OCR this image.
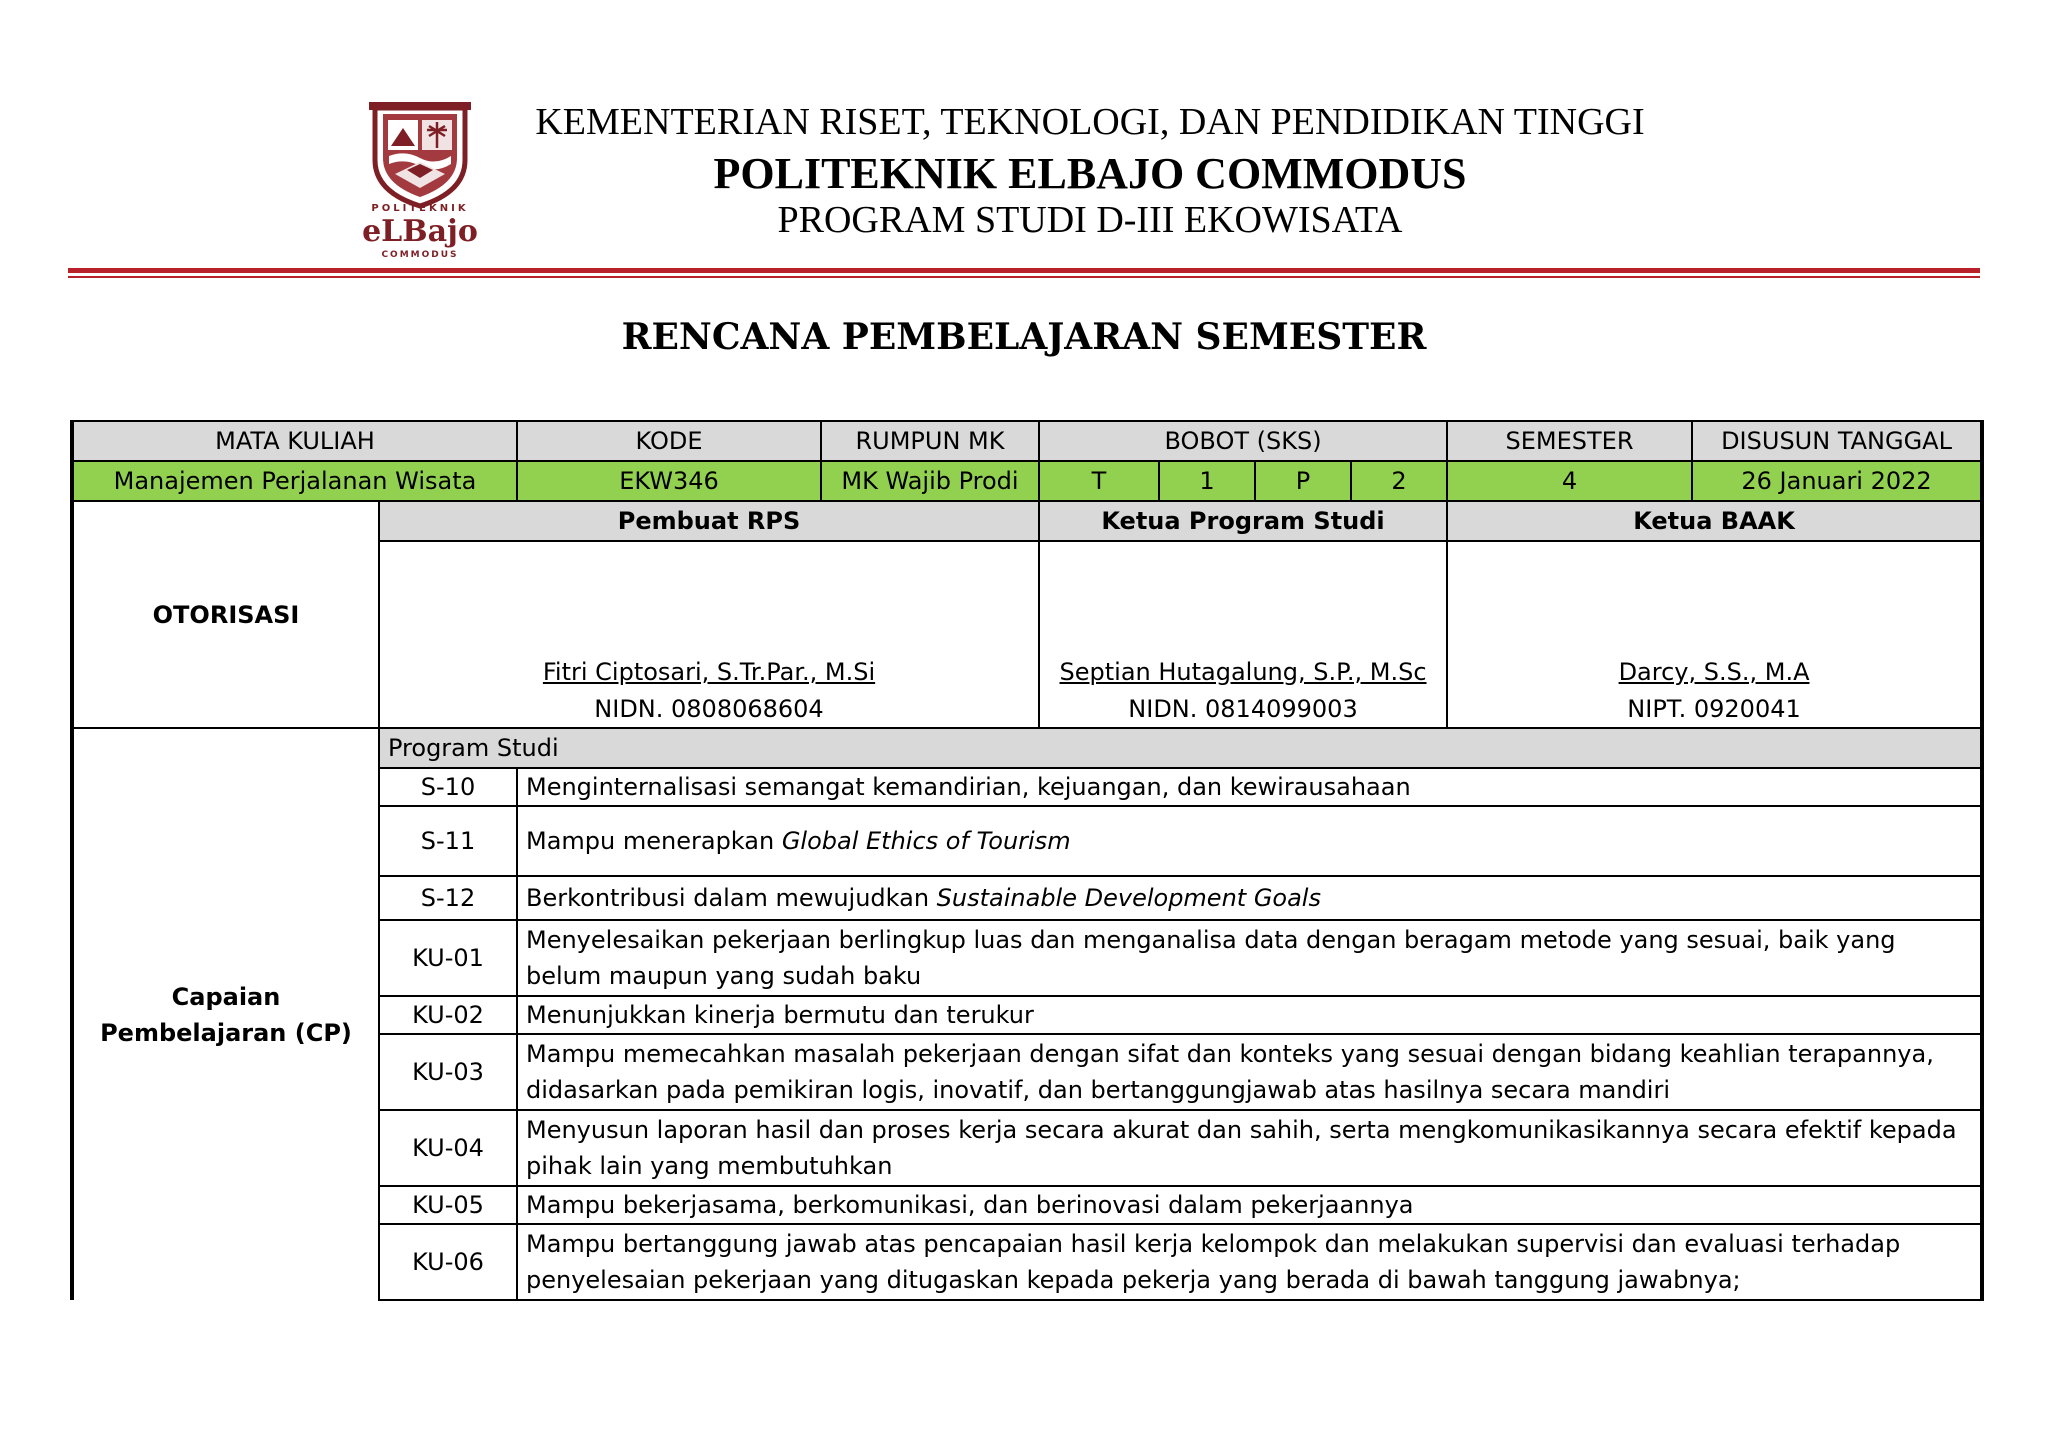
POLITEKNIK
eLBajo
COMMODUS
KEMENTERIAN RISET, TEKNOLOGI, DAN PENDIDIKAN TINGGI
POLITEKNIK ELBAJO COMMODUS
PROGRAM STUDI D-III EKOWISATA
RENCANA PEMBELAJARAN SEMESTER
MATA KULIAH		KODE	RUMPUN MK	BOBOT (SKS)				SEMESTER	DISUSUN TANGGAL
Manajemen Perjalanan Wisata		EKW346	MK Wajib Prodi	T	1	P	2	4	26 Januari 2022
OTORISASI	Pembuat RPS			Ketua Program Studi				Ketua BAAK	

	Fitri Ciptosari, S.Tr.Par., M.Si			Septian Hutagalung, S.P., M.Sc				Darcy, S.S., M.A	
	NIDN. 0808068604			NIDN. 0814099003				NIPT. 0920041	
Capaian Pembelajaran (CP)	Program Studi								
	S-10	Menginternalisasi semangat kemandirian, kejuangan, dan kewirausahaan							
	S-11	Mampu menerapkan Global Ethics of Tourism							
	S-12	Berkontribusi dalam mewujudkan Sustainable Development Goals							
	KU-01	Menyelesaikan pekerjaan berlingkup luas dan menganalisa data dengan beragam metode yang sesuai, baik yang belum maupun yang sudah baku							
	KU-02	Menunjukkan kinerja bermutu dan terukur							
	KU-03	Mampu memecahkan masalah pekerjaan dengan sifat dan konteks yang sesuai dengan bidang keahlian terapannya, didasarkan pada pemikiran logis, inovatif, dan bertanggungjawab atas hasilnya secara mandiri							
	KU-04	Menyusun laporan hasil dan proses kerja secara akurat dan sahih, serta mengkomunikasikannya secara efektif kepada pihak lain yang membutuhkan							
	KU-05	Mampu bekerjasama, berkomunikasi, dan berinovasi dalam pekerjaannya							
	KU-06	Mampu bertanggung jawab atas pencapaian hasil kerja kelompok dan melakukan supervisi dan evaluasi terhadap penyelesaian pekerjaan yang ditugaskan kepada pekerja yang berada di bawah tanggung jawabnya;							
